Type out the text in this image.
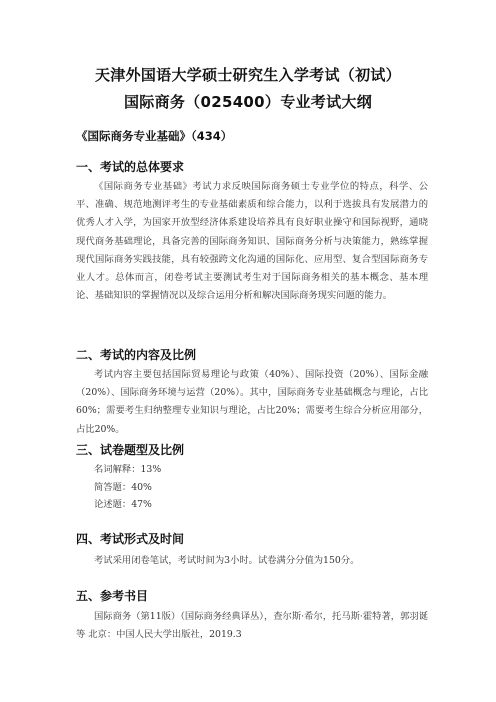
天津外国语大学硕士研究生入学考试（初试）
国际商务（025400）专业考试大纲
《国际商务专业基础》（434）
一、考试的总体要求

《国际商务专业基础》考试力求反映国际商务硕士专业学位的特点，科学、公平、准确、规范地测评考生的专业基础素质和综合能力，以利于选拔具有发展潜力的优秀人才入学，为国家开放型经济体系建设培养具有良好职业操守和国际视野，通晓现代商务基础理论，具备完善的国际商务知识、国际商务分析与决策能力，熟练掌握现代国际商务实践技能，具有较强跨文化沟通的国际化、应用型、复合型国际商务专业人才。总体而言，闭卷考试主要测试考生对于国际商务相关的基本概念、基本理论、基础知识的掌握情况以及综合运用分析和解决国际商务现实问题的能力。

二、考试的内容及比例

考试内容主要包括国际贸易理论与政策（40%）、国际投资（20%）、国际金融（20%）、国际商务环境与运营（20%）。其中，国际商务专业基础概念与理论，占比60%；需要考生归纳整理专业知识与理论，占比20%；需要考生综合分析应用部分，占比20%。

三、试卷题型及比例
名词解释：13%
简答题：40%
论述题：47%
四、考试形式及时间

考试采用闭卷笔试，考试时间为3小时。试卷满分分值为150分。

五、参考书目

国际商务（第11版）（国际商务经典译丛），查尔斯·希尔，托马斯·霍特著，郭羽诞等 北京：中国人民大学出版社，2019.3
